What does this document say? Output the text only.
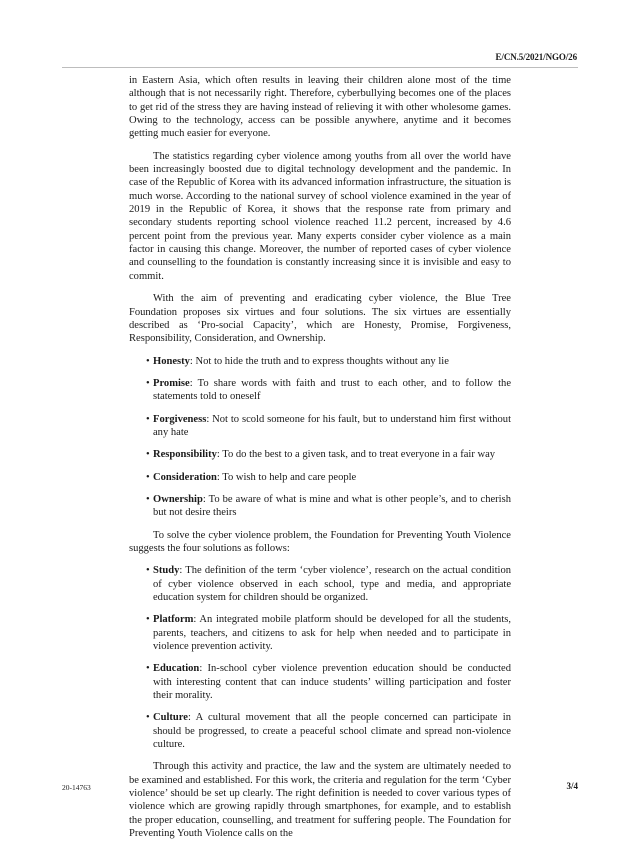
E/CN.5/2021/NGO/26

in Eastern Asia, which often results in leaving their children alone most of the time although that is not necessarily right. Therefore, cyberbullying becomes one of the places to get rid of the stress they are having instead of relieving it with other wholesome games. Owing to the technology, access can be possible anywhere, anytime and it becomes getting much easier for everyone.

The statistics regarding cyber violence among youths from all over the world have been increasingly boosted due to digital technology development and the pandemic. In case of the Republic of Korea with its advanced information infrastructure, the situation is much worse. According to the national survey of school violence examined in the year of 2019 in the Republic of Korea, it shows that the response rate from primary and secondary students reporting school violence reached 11.2 percent, increased by 4.6 percent point from the previous year. Many experts consider cyber violence as a main factor in causing this change. Moreover, the number of reported cases of cyber violence and counselling to the foundation is constantly increasing since it is invisible and easy to commit.

With the aim of preventing and eradicating cyber violence, the Blue Tree Foundation proposes six virtues and four solutions. The six virtues are essentially described as ‘Pro-social Capacity’, which are Honesty, Promise, Forgiveness, Responsibility, Consideration, and Ownership.

• Honesty: Not to hide the truth and to express thoughts without any lie
• Promise: To share words with faith and trust to each other, and to follow the statements told to oneself
• Forgiveness: Not to scold someone for his fault, but to understand him first without any hate
• Responsibility: To do the best to a given task, and to treat everyone in a fair way
• Consideration: To wish to help and care people
• Ownership: To be aware of what is mine and what is other people’s, and to cherish but not desire theirs

To solve the cyber violence problem, the Foundation for Preventing Youth Violence suggests the four solutions as follows:

• Study: The definition of the term ‘cyber violence’, research on the actual condition of cyber violence observed in each school, type and media, and appropriate education system for children should be organized.
• Platform: An integrated mobile platform should be developed for all the students, parents, teachers, and citizens to ask for help when needed and to participate in violence prevention activity.
• Education: In-school cyber violence prevention education should be conducted with interesting content that can induce students’ willing participation and foster their morality.
• Culture: A cultural movement that all the people concerned can participate in should be progressed, to create a peaceful school climate and spread non-violence culture.

Through this activity and practice, the law and the system are ultimately needed to be examined and established. For this work, the criteria and regulation for the term ‘Cyber violence’ should be set up clearly. The right definition is needed to cover various types of violence which are growing rapidly through smartphones, for example, and to establish the proper education, counselling, and treatment for suffering people. The Foundation for Preventing Youth Violence calls on the

20-14763	3/4
